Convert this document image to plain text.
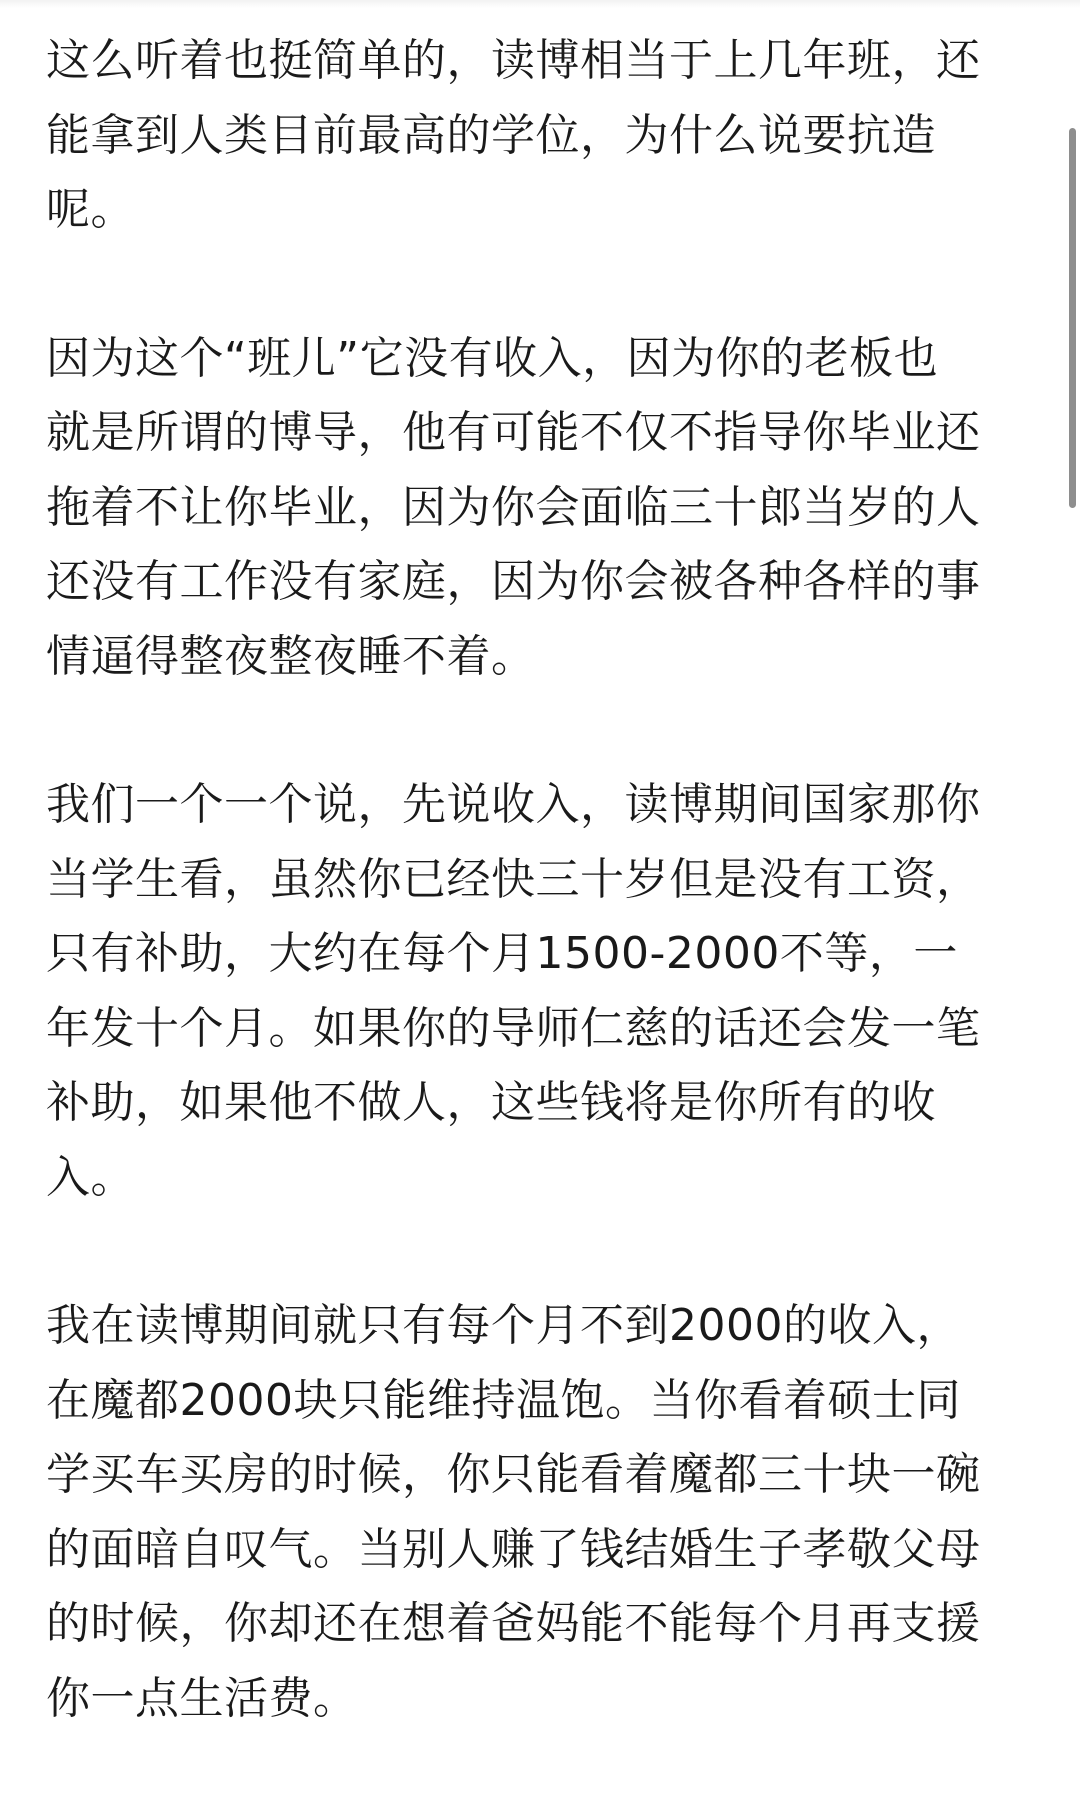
这么听着也挺简单的，读博相当于上几年班，还
能拿到人类目前最高的学位，为什么说要抗造
呢。

因为这个“班儿”它没有收入，因为你的老板也
就是所谓的博导，他有可能不仅不指导你毕业还
拖着不让你毕业，因为你会面临三十郎当岁的人
还没有工作没有家庭，因为你会被各种各样的事
情逼得整夜整夜睡不着。

我们一个一个说，先说收入，读博期间国家那你
当学生看，虽然你已经快三十岁但是没有工资，
只有补助，大约在每个月1500-2000不等，一
年发十个月。如果你的导师仁慈的话还会发一笔
补助，如果他不做人，这些钱将是你所有的收
入。

我在读博期间就只有每个月不到2000的收入，
在魔都2000块只能维持温饱。当你看着硕士同
学买车买房的时候，你只能看着魔都三十块一碗
的面暗自叹气。当别人赚了钱结婚生子孝敬父母
的时候，你却还在想着爸妈能不能每个月再支援
你一点生活费。
